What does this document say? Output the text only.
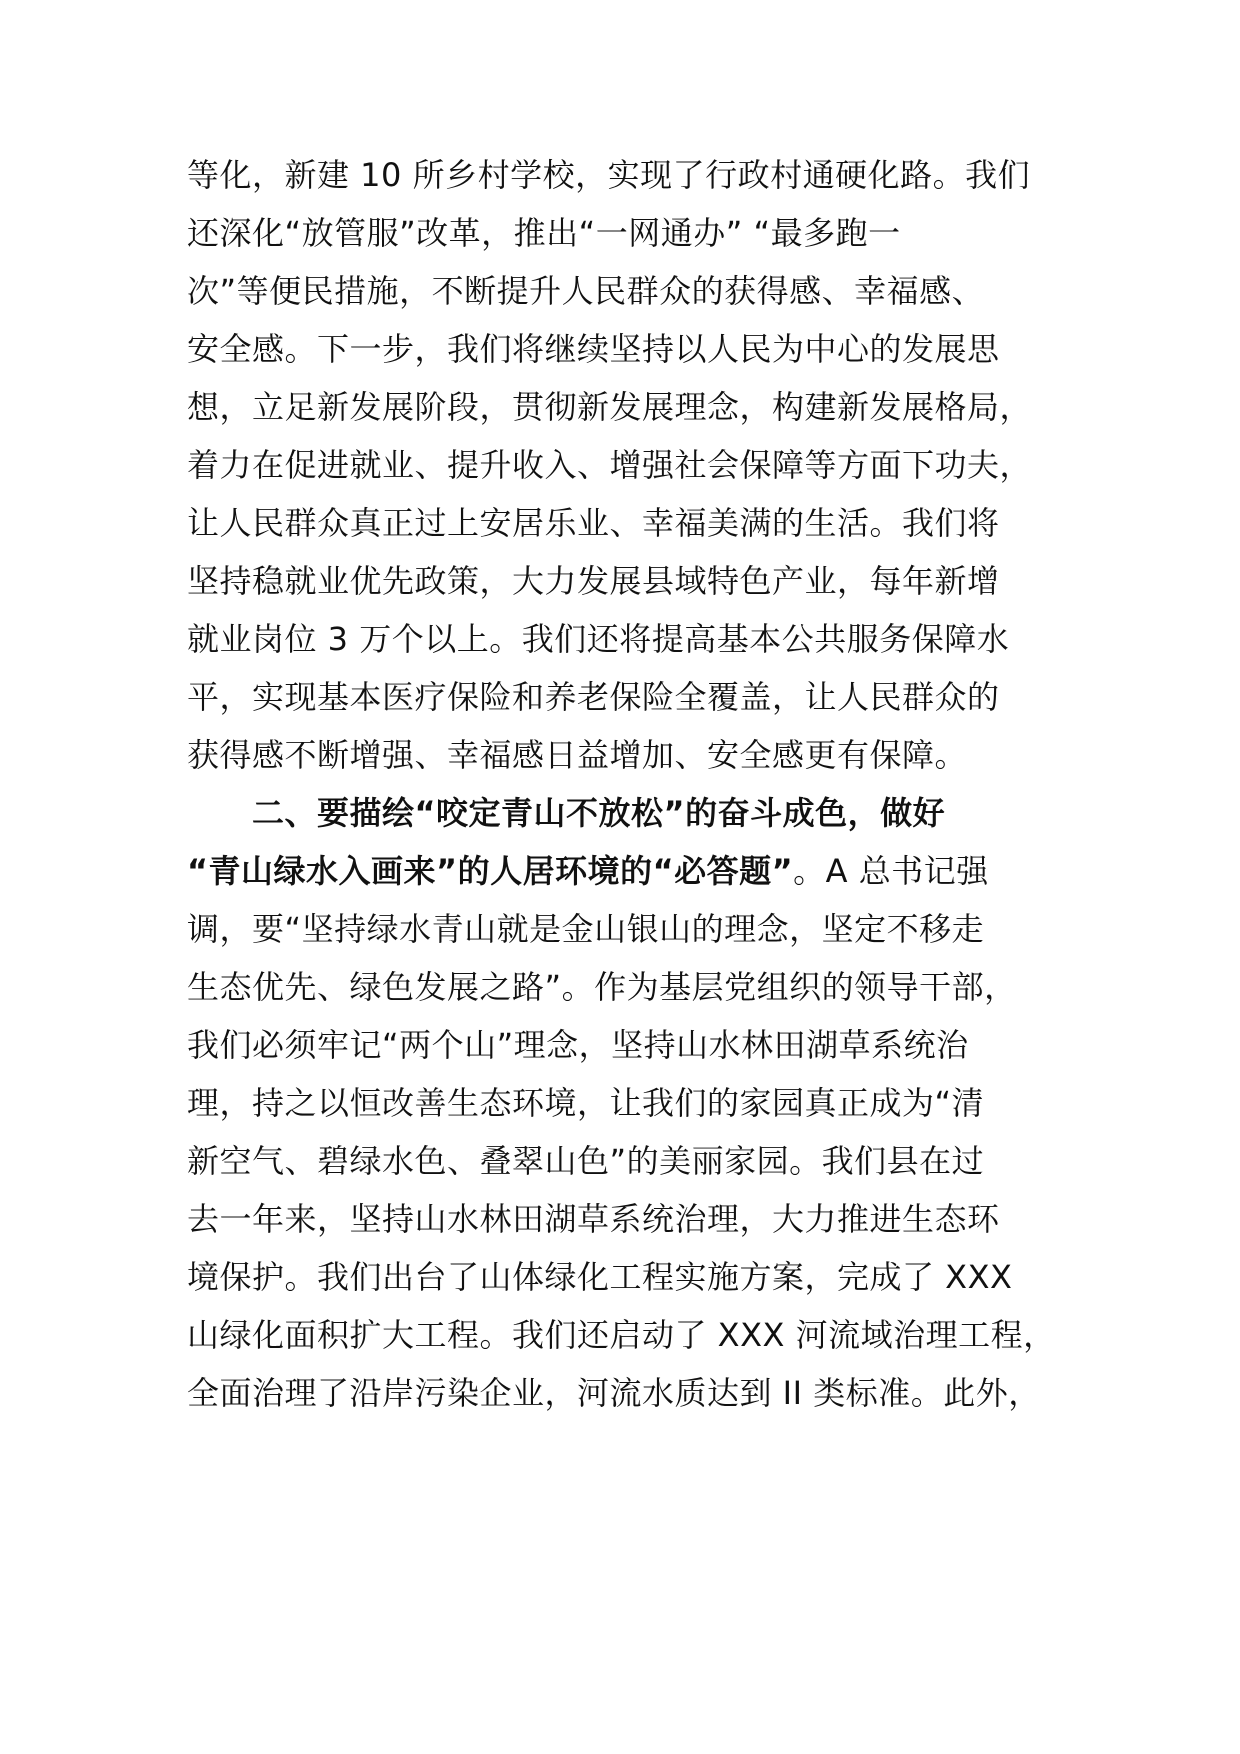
等化，新建 10 所乡村学校，实现了行政村通硬化路。我们
还深化“放管服”改革，推出“一网通办” “最多跑一
次”等便民措施，不断提升人民群众的获得感、幸福感、
安全感。下一步，我们将继续坚持以人民为中心的发展思
想，立足新发展阶段，贯彻新发展理念，构建新发展格局，
着力在促进就业、提升收入、增强社会保障等方面下功夫，
让人民群众真正过上安居乐业、幸福美满的生活。我们将
坚持稳就业优先政策，大力发展县域特色产业，每年新增
就业岗位 3 万个以上。我们还将提高基本公共服务保障水
平，实现基本医疗保险和养老保险全覆盖，让人民群众的
获得感不断增强、幸福感日益增加、安全感更有保障。
二、要描绘“咬定青山不放松”的奋斗成色，做好
“青山绿水入画来”的人居环境的“必答题”。A 总书记强
调，要“坚持绿水青山就是金山银山的理念，坚定不移走
生态优先、绿色发展之路”。作为基层党组织的领导干部，
我们必须牢记“两个山”理念，坚持山水林田湖草系统治
理，持之以恒改善生态环境，让我们的家园真正成为“清
新空气、碧绿水色、叠翠山色”的美丽家园。我们县在过
去一年来，坚持山水林田湖草系统治理，大力推进生态环
境保护。我们出台了山体绿化工程实施方案，完成了 XXX
山绿化面积扩大工程。我们还启动了 XXX 河流域治理工程，
全面治理了沿岸污染企业，河流水质达到 II 类标准。此外，
